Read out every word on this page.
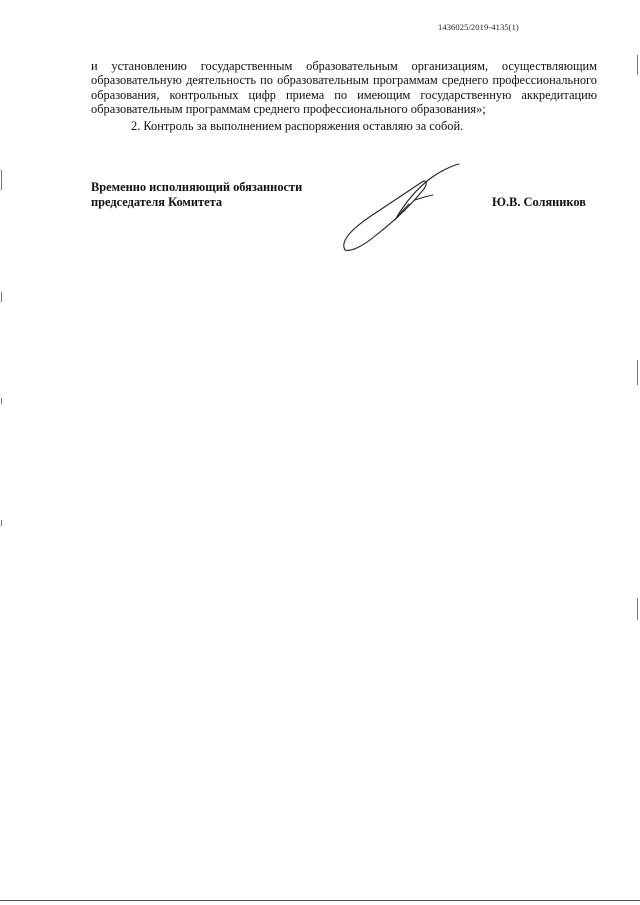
1436025/2019-4135(1)

и установлению государственным образовательным организациям, осуществляющим образовательную деятельность по образовательным программам среднего профессионального образования, контрольных цифр приема по имеющим государственную аккредитацию образовательным программам среднего профессионального образования»;

2. Контроль за выполнением распоряжения оставляю за собой.

Временно исполняющий обязанности
председателя Комитета	Ю.В. Соляников
